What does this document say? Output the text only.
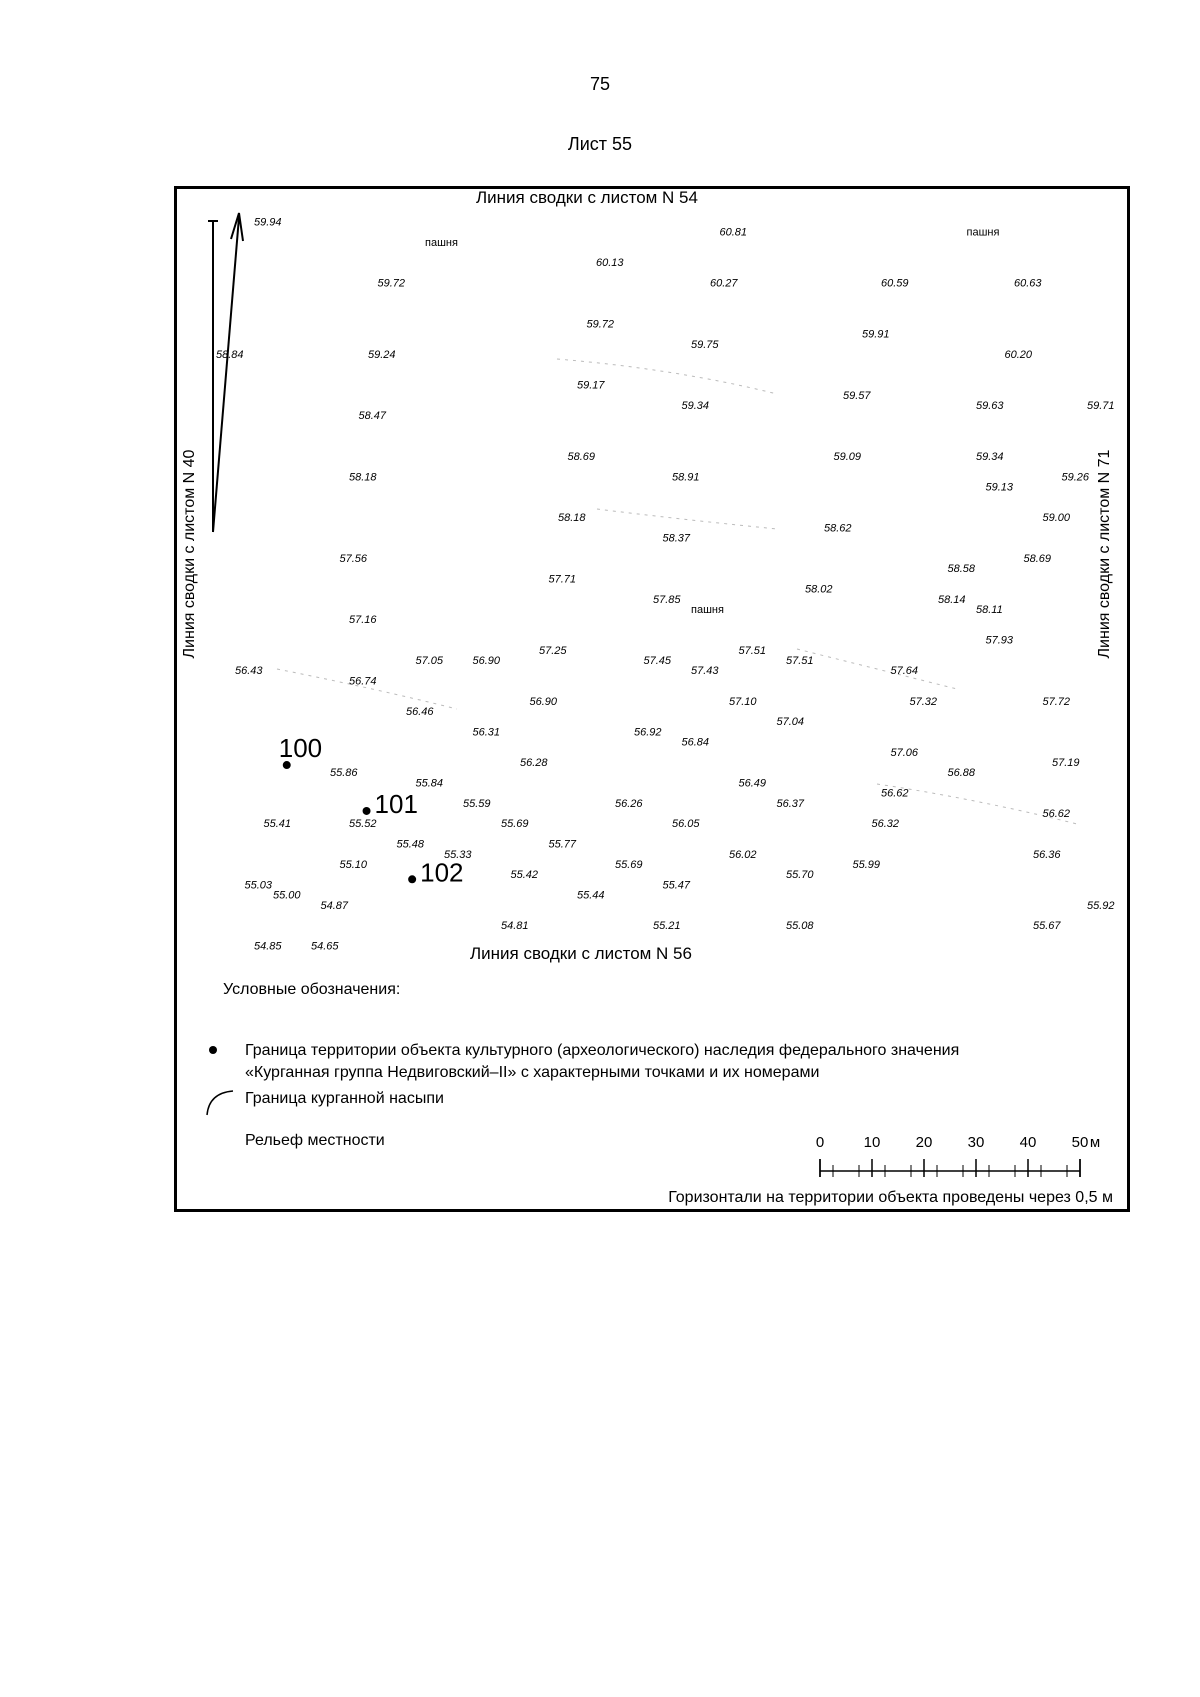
75
Лист 55
Линия сводки с листом N 54
Линия сводки с листом N 56
Линия сводки с листом N 40	Линия сводки с листом N 71
59.94
60.81
60.13
59.72	60.27	60.59	60.63
59.72
59.91
58.84	59.24
59.75
60.20
59.17
59.57
59.34
58.47
59.63	59.71
58.69	59.09	59.34
58.18	58.91	59.26
59.13
58.18
58.62
59.00
58.37
57.56	58.69
58.58
57.71
58.02
57.85	58.14
58.11
57.16
57.51
57.93
57.05	56.90
57.25
57.45	57.51
57.64
56.43	57.43
56.74
57.72
56.90	57.10	57.32
56.46
57.04
56.31	56.92
56.84
57.06
56.28	57.19
56.88
55.86
55.84	56.49
56.62
55.59	56.26	56.37
55.41	55.52	55.69	56.05	56.32
56.62
55.48	55.77
56.02	56.36
55.33
55.10	55.69	55.99
55.42	55.70
55.03	55.47
55.00	55.44
54.87	55.92
54.81	55.21	55.08	55.67
54.65
54.85
пашня
пашня
пашня
100
101
102
Условные обозначения:
Граница территории объекта культурного (археологического) наследия федерального значения
«Курганная группа Недвиговский–II» с характерными точками и их номерами
Граница курганной насыпи
Рельеф местности	0	10 20 30 40 50 м
Горизонтали на территории объекта проведены через 0,5 м
